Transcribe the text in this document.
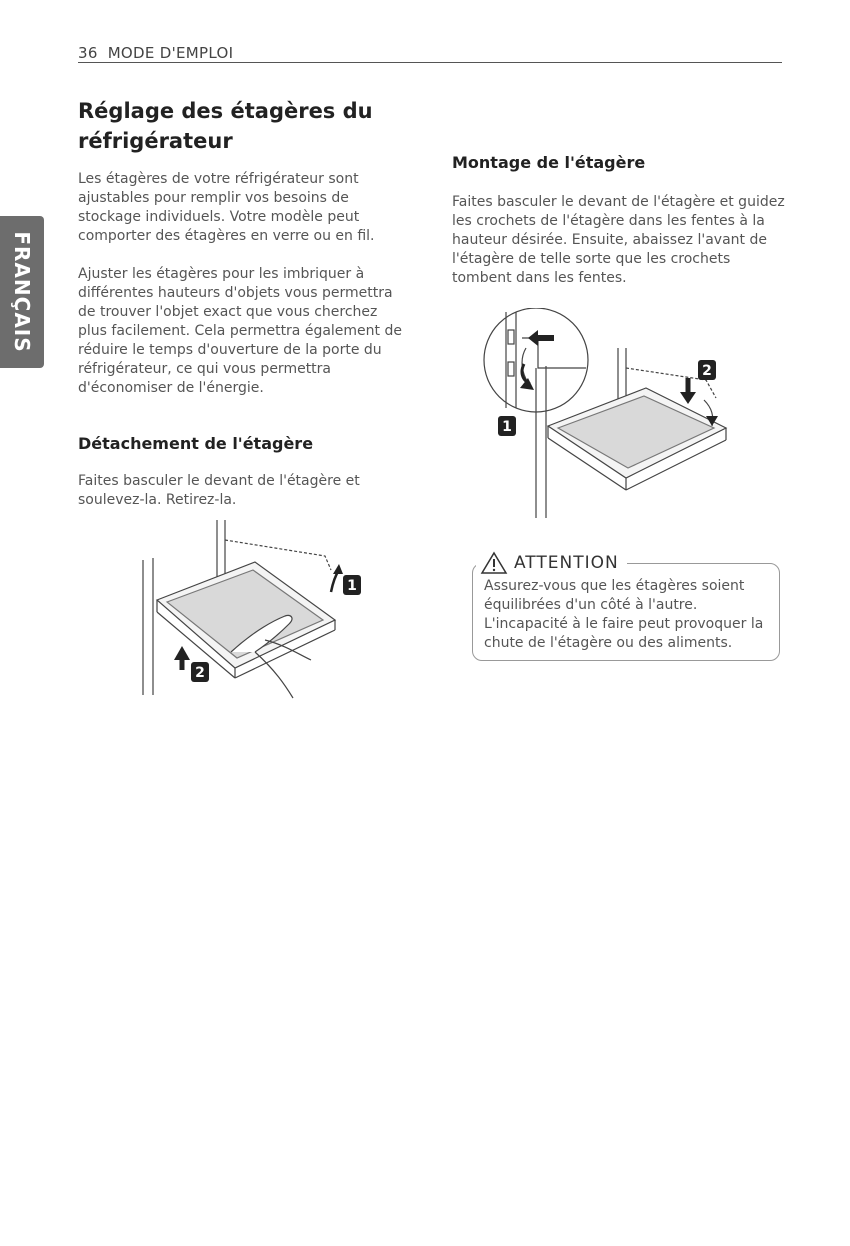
36 MODE D'EMPLOI
FRANÇAIS
Réglage des étagères du réfrigérateur

Les étagères de votre réfrigérateur sont ajustables pour remplir vos besoins de stockage individuels. Votre modèle peut comporter des étagères en verre ou en fil.

Ajuster les étagères pour les imbriquer à différentes hauteurs d'objets vous permettra de trouver l'objet exact que vous cherchez plus facilement. Cela permettra également de réduire le temps d'ouverture de la porte du réfrigérateur, ce qui vous permettra d'économiser de l'énergie.

Détachement de l'étagère

Faites basculer le devant de l'étagère et soulevez-la. Retirez-la.

1
2
Montage de l'étagère

Faites basculer le devant de l'étagère et guidez les crochets de l'étagère dans les fentes à la hauteur désirée. Ensuite, abaissez l'avant de l'étagère de telle sorte que les crochets tombent dans les fentes.

1
2
ATTENTION
Assurez-vous que les étagères soient équilibrées d'un côté à l'autre. L'incapacité à le faire peut provoquer la chute de l'étagère ou des aliments.
